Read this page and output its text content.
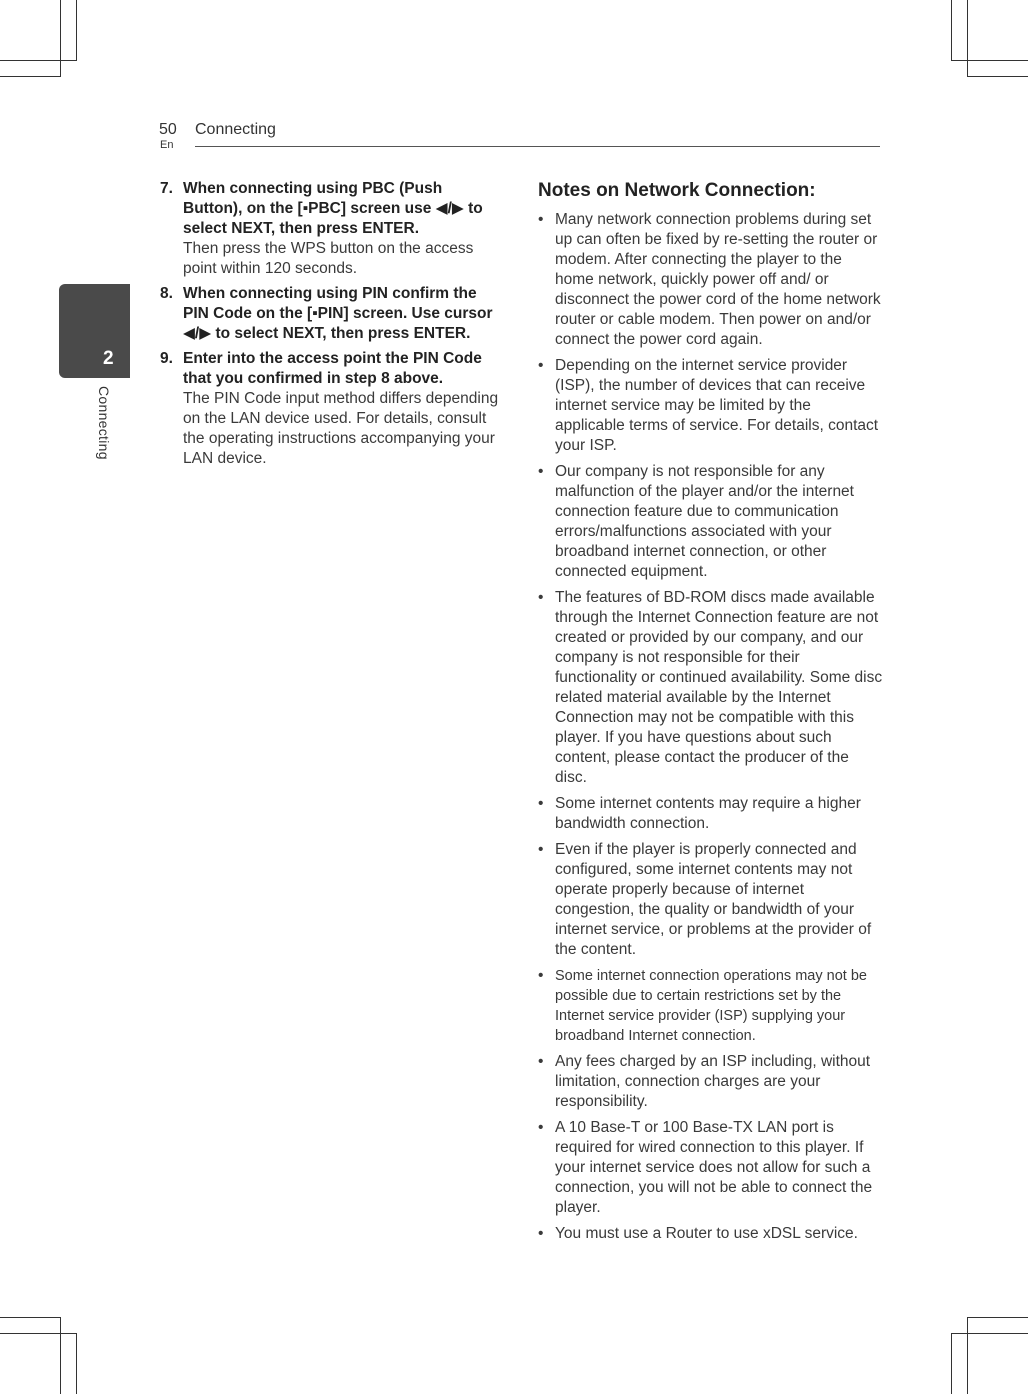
50
En
Connecting
2
Connecting
7. When connecting using PBC (Push Button), on the [▪PBC] screen use ◀/▶ to select NEXT, then press ENTER.
Then press the WPS button on the access point within 120 seconds.
8. When connecting using PIN confirm the PIN Code on the [▪PIN] screen. Use cursor ◀/▶ to select NEXT, then press ENTER.
9. Enter into the access point the PIN Code that you confirmed in step 8 above.
The PIN Code input method differs depending on the LAN device used. For details, consult the operating instructions accompanying your LAN device.
Notes on Network Connection:
• Many network connection problems during set up can often be fixed by re-setting the router or modem. After connecting the player to the home network, quickly power off and/ or disconnect the power cord of the home network router or cable modem. Then power on and/or connect the power cord again.
• Depending on the internet service provider (ISP), the number of devices that can receive internet service may be limited by the applicable terms of service. For details, contact your ISP.
• Our company is not responsible for any malfunction of the player and/or the internet connection feature due to communication errors/malfunctions associated with your broadband internet connection, or other connected equipment.
• The features of BD-ROM discs made available through the Internet Connection feature are not created or provided by our company, and our company is not responsible for their functionality or continued availability. Some disc related material available by the Internet Connection may not be compatible with this player. If you have questions about such content, please contact the producer of the disc.
• Some internet contents may require a higher bandwidth connection.
• Even if the player is properly connected and configured, some internet contents may not operate properly because of internet congestion, the quality or bandwidth of your internet service, or problems at the provider of the content.
• Some internet connection operations may not be possible due to certain restrictions set by the Internet service provider (ISP) supplying your broadband Internet connection.
• Any fees charged by an ISP including, without limitation, connection charges are your responsibility.
• A 10 Base-T or 100 Base-TX LAN port is required for wired connection to this player. If your internet service does not allow for such a connection, you will not be able to connect the player.
• You must use a Router to use xDSL service.
